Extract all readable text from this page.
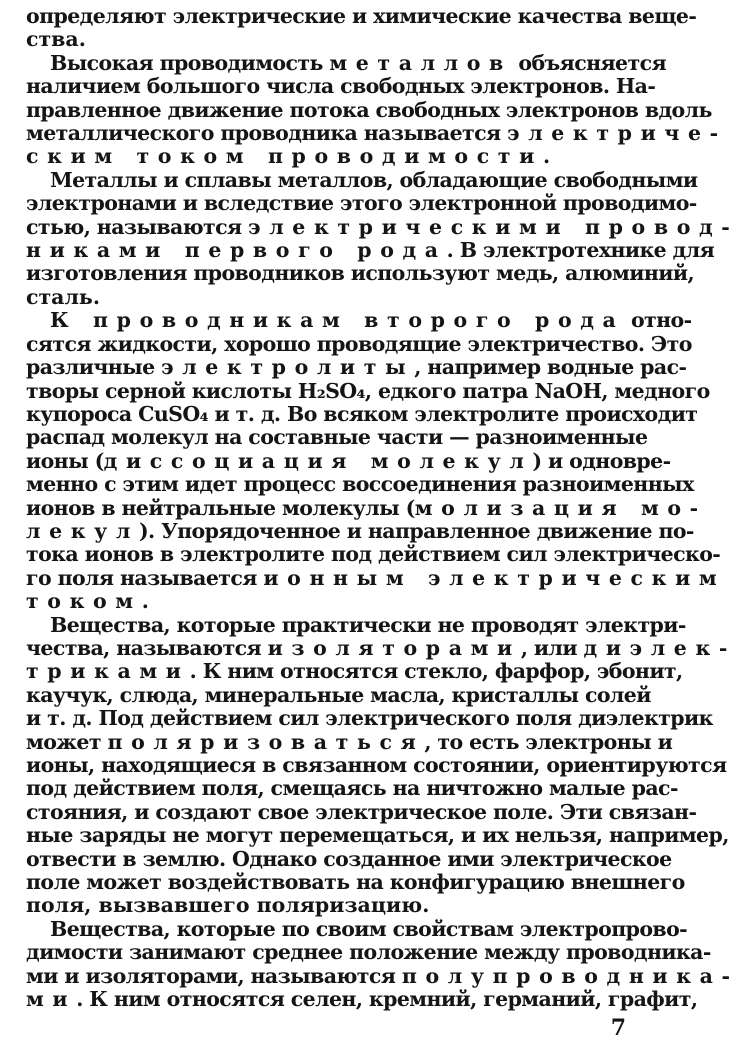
определяют электрические и химические качества веще-
ства.
Высокая проводимость металлов объясняется
наличием большого числа свободных электронов. На-
правленное движение потока свободных электронов вдоль
металлического проводника называется электриче-
ским током проводимости.
Металлы и сплавы металлов, обладающие свободными
электронами и вследствие этого электронной проводимо-
стью, называются электрическими провод-
никами первого рода. В электротехнике для
изготовления проводников используют медь, алюминий,
сталь.
К проводникам второго рода отно-
сятся жидкости, хорошо проводящие электричество. Это
различные электролиты, например водные рас-
творы серной кислоты H₂SO₄, едкого патра NaOH, медного
купороса CuSO₄ и т. д. Во всяком электролите происходит
распад молекул на составные части — разноименные
ионы (диссоциация молекул) и одновре-
менно с этим идет процесс воссоединения разноименных
ионов в нейтральные молекулы (молизация мо-
лекул). Упорядоченное и направленное движение по-
тока ионов в электролите под действием сил электрическо-
го поля называется ионным электрическим
током.
Вещества, которые практически не проводят электри-
чества, называются изоляторами, или диэлек-
триками. К ним относятся стекло, фарфор, эбонит,
каучук, слюда, минеральные масла, кристаллы солей
и т. д. Под действием сил электрического поля диэлектрик
может поляризоваться, то есть электроны и
ионы, находящиеся в связанном состоянии, ориентируются
под действием поля, смещаясь на ничтожно малые рас-
стояния, и создают свое электрическое поле. Эти связан-
ные заряды не могут перемещаться, и их нельзя, например,
отвести в землю. Однако созданное ими электрическое
поле может воздействовать на конфигурацию внешнего
поля, вызвавшего поляризацию.
Вещества, которые по своим свойствам электропрово-
димости занимают среднее положение между проводника-
ми и изоляторами, называются полупроводника-
ми. К ним относятся селен, кремний, германий, графит,
7
